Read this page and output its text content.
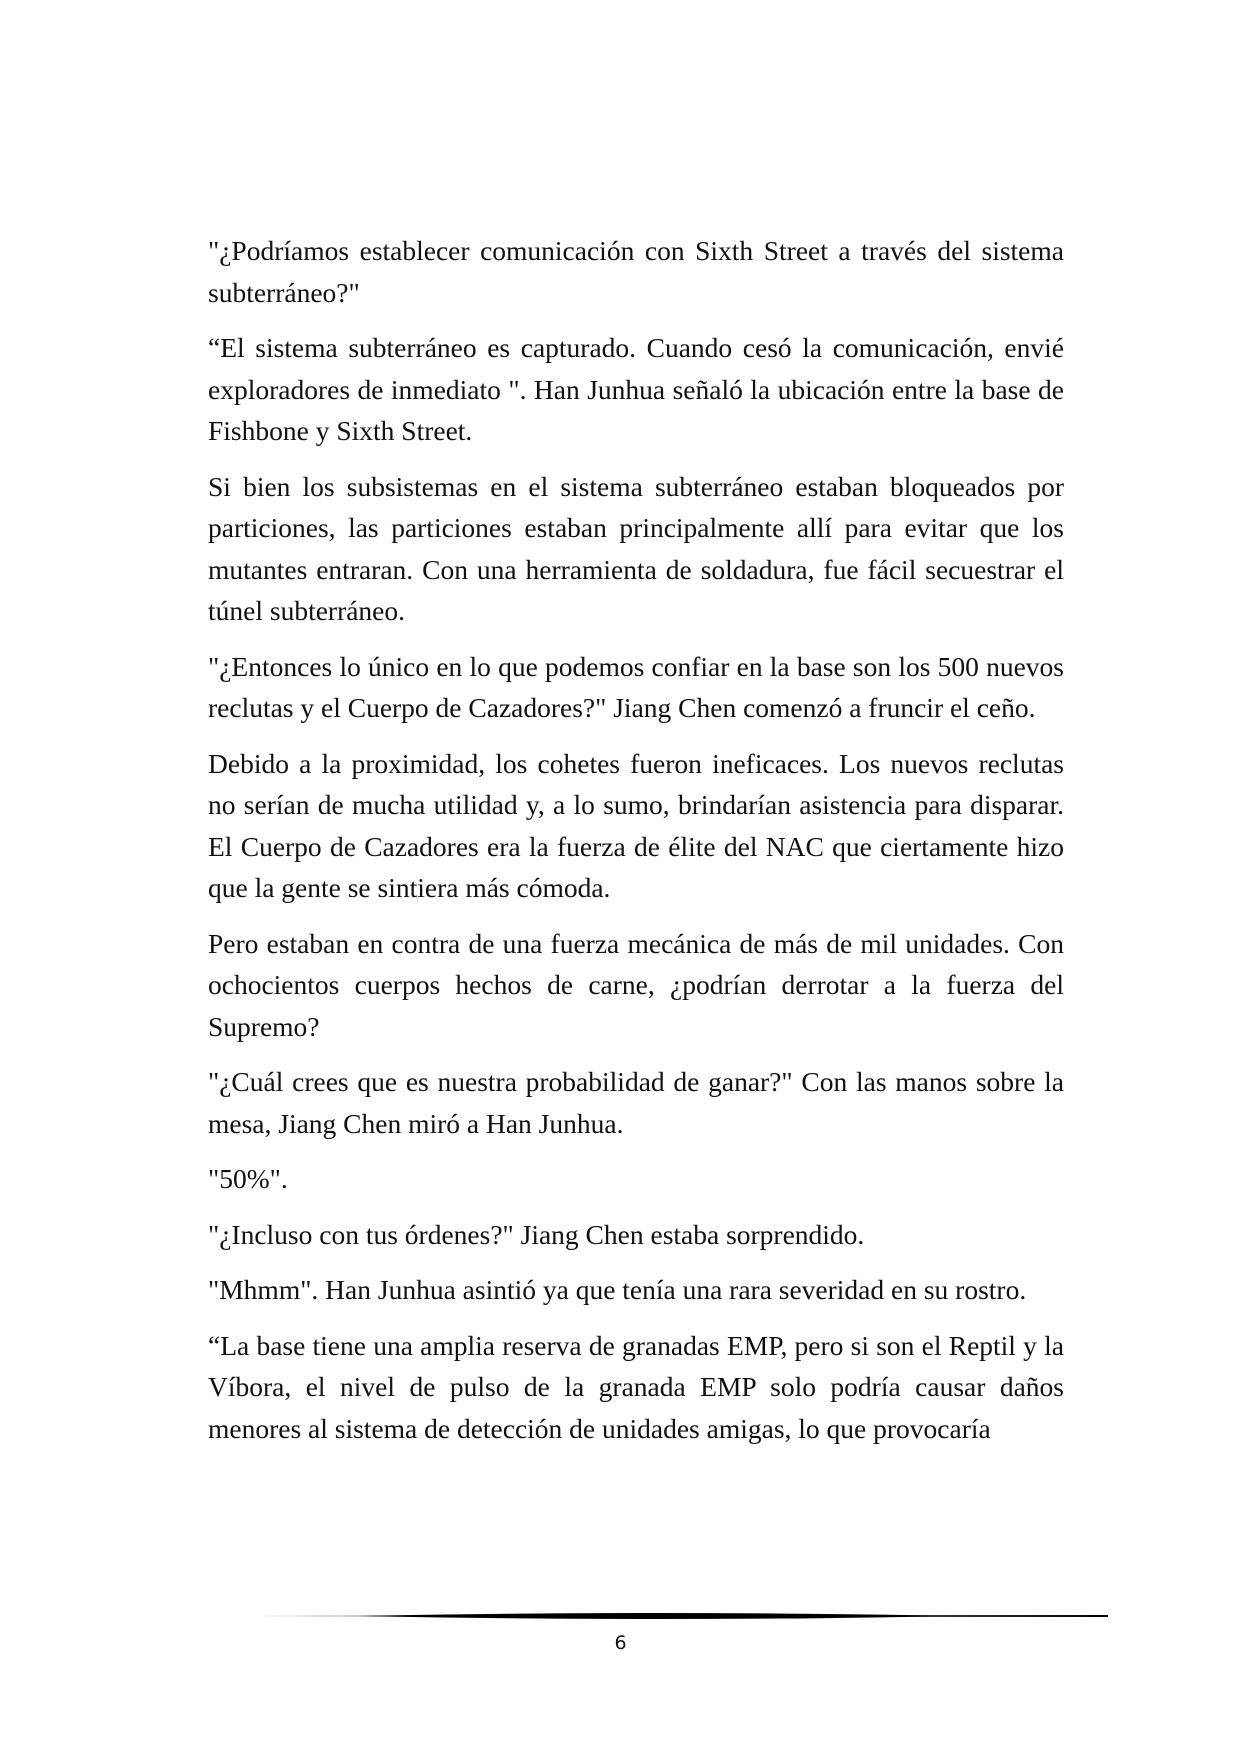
"¿Podríamos establecer comunicación con Sixth Street a través del sistema subterráneo?"

“El sistema subterráneo es capturado. Cuando cesó la comunicación, envié exploradores de inmediato ". Han Junhua señaló la ubicación entre la base de Fishbone y Sixth Street.

Si bien los subsistemas en el sistema subterráneo estaban bloqueados por particiones, las particiones estaban principalmente allí para evitar que los mutantes entraran. Con una herramienta de soldadura, fue fácil secuestrar el túnel subterráneo.

"¿Entonces lo único en lo que podemos confiar en la base son los 500 nuevos reclutas y el Cuerpo de Cazadores?" Jiang Chen comenzó a fruncir el ceño.

Debido a la proximidad, los cohetes fueron ineficaces. Los nuevos reclutas no serían de mucha utilidad y, a lo sumo, brindarían asistencia para disparar. El Cuerpo de Cazadores era la fuerza de élite del NAC que ciertamente hizo que la gente se sintiera más cómoda.

Pero estaban en contra de una fuerza mecánica de más de mil unidades. Con ochocientos cuerpos hechos de carne, ¿podrían derrotar a la fuerza del Supremo?

"¿Cuál crees que es nuestra probabilidad de ganar?" Con las manos sobre la mesa, Jiang Chen miró a Han Junhua.

"50%".

"¿Incluso con tus órdenes?" Jiang Chen estaba sorprendido.

"Mhmm". Han Junhua asintió ya que tenía una rara severidad en su rostro.

“La base tiene una amplia reserva de granadas EMP, pero si son el Reptil y la Víbora, el nivel de pulso de la granada EMP solo podría causar daños menores al sistema de detección de unidades amigas, lo que provocaría

6
